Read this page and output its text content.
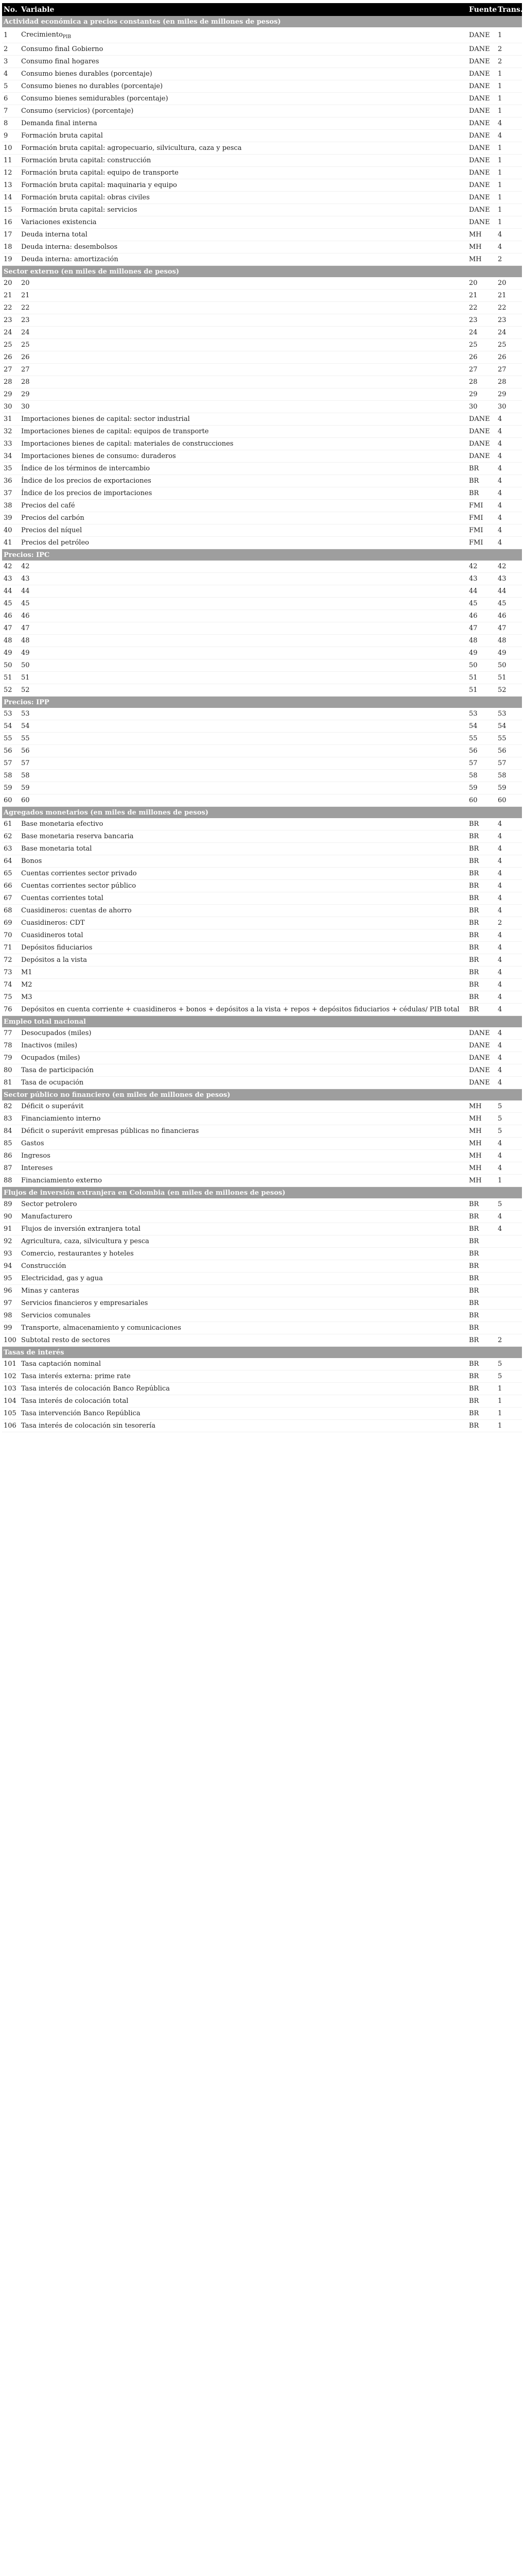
No.	Variable	Fuente	Trans.
Actividad económica a precios constantes (en miles de millones de pesos)			
1	Crecimiento$_{PIB}$	DANE	1
2	Consumo final Gobierno	DANE	2
3	Consumo final hogares	DANE	2
4	Consumo bienes durables (porcentaje)	DANE	1
5	Consumo bienes no durables (porcentaje)	DANE	1
6	Consumo bienes semidurables (porcentaje)	DANE	1
7	Consumo (servicios) (porcentaje)	DANE	1
8	Demanda final interna	DANE	4
9	Formación bruta capital	DANE	4
10	Formación bruta capital: agropecuario, silvicultura, caza y pesca	DANE	1
11	Formación bruta capital: construcción	DANE	1
12	Formación bruta capital: equipo de transporte	DANE	1
13	Formación bruta capital: maquinaria y equipo	DANE	1
14	Formación bruta capital: obras civiles	DANE	1
15	Formación bruta capital: servicios	DANE	1
16	Variaciones existencia	DANE	1
17	Deuda interna total	MH	4
18	Deuda interna: desembolsos	MH	4
19	Deuda interna: amortización	MH	2
Sector externo (en miles de millones de pesos)			
20	20	20	20
21	21	21	21
22	22	22	22
23	23	23	23
24	24	24	24
25	25	25	25
26	26	26	26
27	27	27	27
28	28	28	28
29	29	29	29
30	30	30	30
31	Importaciones bienes de capital: sector industrial	DANE	4
32	Importaciones bienes de capital: equipos de transporte	DANE	4
33	Importaciones bienes de capital: materiales de construcciones	DANE	4
34	Importaciones bienes de consumo: duraderos	DANE	4
35	Índice de los términos de intercambio	BR	4
36	Índice de los precios de exportaciones	BR	4
37	Índice de los precios de importaciones	BR	4
38	Precios del café	FMI	4
39	Precios del carbón	FMI	4
40	Precios del níquel	FMI	4
41	Precios del petróleo	FMI	4
Precios: IPC			
42	42	42	42
43	43	43	43
44	44	44	44
45	45	45	45
46	46	46	46
47	47	47	47
48	48	48	48
49	49	49	49
50	50	50	50
51	51	51	51
52	52	51	52
Precios: IPP			
53	53	53	53
54	54	54	54
55	55	55	55
56	56	56	56
57	57	57	57
58	58	58	58
59	59	59	59
60	60	60	60
Agregados monetarios (en miles de millones de pesos)			
61	Base monetaria efectivo	BR	4
62	Base monetaria reserva bancaria	BR	4
63	Base monetaria total	BR	4
64	Bonos	BR	4
65	Cuentas corrientes sector privado	BR	4
66	Cuentas corrientes sector público	BR	4
67	Cuentas corrientes total	BR	4
68	Cuasidineros: cuentas de ahorro	BR	4
69	Cuasidineros: CDT	BR	2
70	Cuasidineros total	BR	4
71	Depósitos fiduciarios	BR	4
72	Depósitos a la vista	BR	4
73	M1	BR	4
74	M2	BR	4
75	M3	BR	4
76	Depósitos en cuenta corriente + cuasidineros + bonos + depósitos a la vista + repos + depósitos fiduciarios + cédulas/ PIB total	BR	4
Empleo total nacional			
77	Desocupados (miles)	DANE	4
78	Inactivos (miles)	DANE	4
79	Ocupados (miles)	DANE	4
80	Tasa de participación	DANE	4
81	Tasa de ocupación	DANE	4
Sector público no financiero (en miles de millones de pesos)			
82	Déficit o superávit	MH	5
83	Financiamiento interno	MH	5
84	Déficit o superávit empresas públicas no financieras	MH	5
85	Gastos	MH	4
86	Ingresos	MH	4
87	Intereses	MH	4
88	Financiamiento externo	MH	1
Flujos de inversión extranjera en Colombia (en miles de millones de pesos)			
89	Sector petrolero	BR	5
90	Manufacturero	BR	4
91	Flujos de inversión extranjera total	BR	4
92	Agricultura, caza, silvicultura y pesca	BR	
93	Comercio, restaurantes y hoteles	BR	
94	Construcción	BR	
95	Electricidad, gas y agua	BR	
96	Minas y canteras	BR	
97	Servicios financieros y empresariales	BR	
98	Servicios comunales	BR	
99	Transporte, almacenamiento y comunicaciones	BR	
100	Subtotal resto de sectores	BR	2
Tasas de interés			
101	Tasa captación nominal	BR	5
102	Tasa interés externa: prime rate	BR	5
103	Tasa interés de colocación Banco República	BR	1
104	Tasa interés de colocación total	BR	1
105	Tasa intervención Banco República	BR	1
106	Tasa interés de colocación sin tesorería	BR	1
